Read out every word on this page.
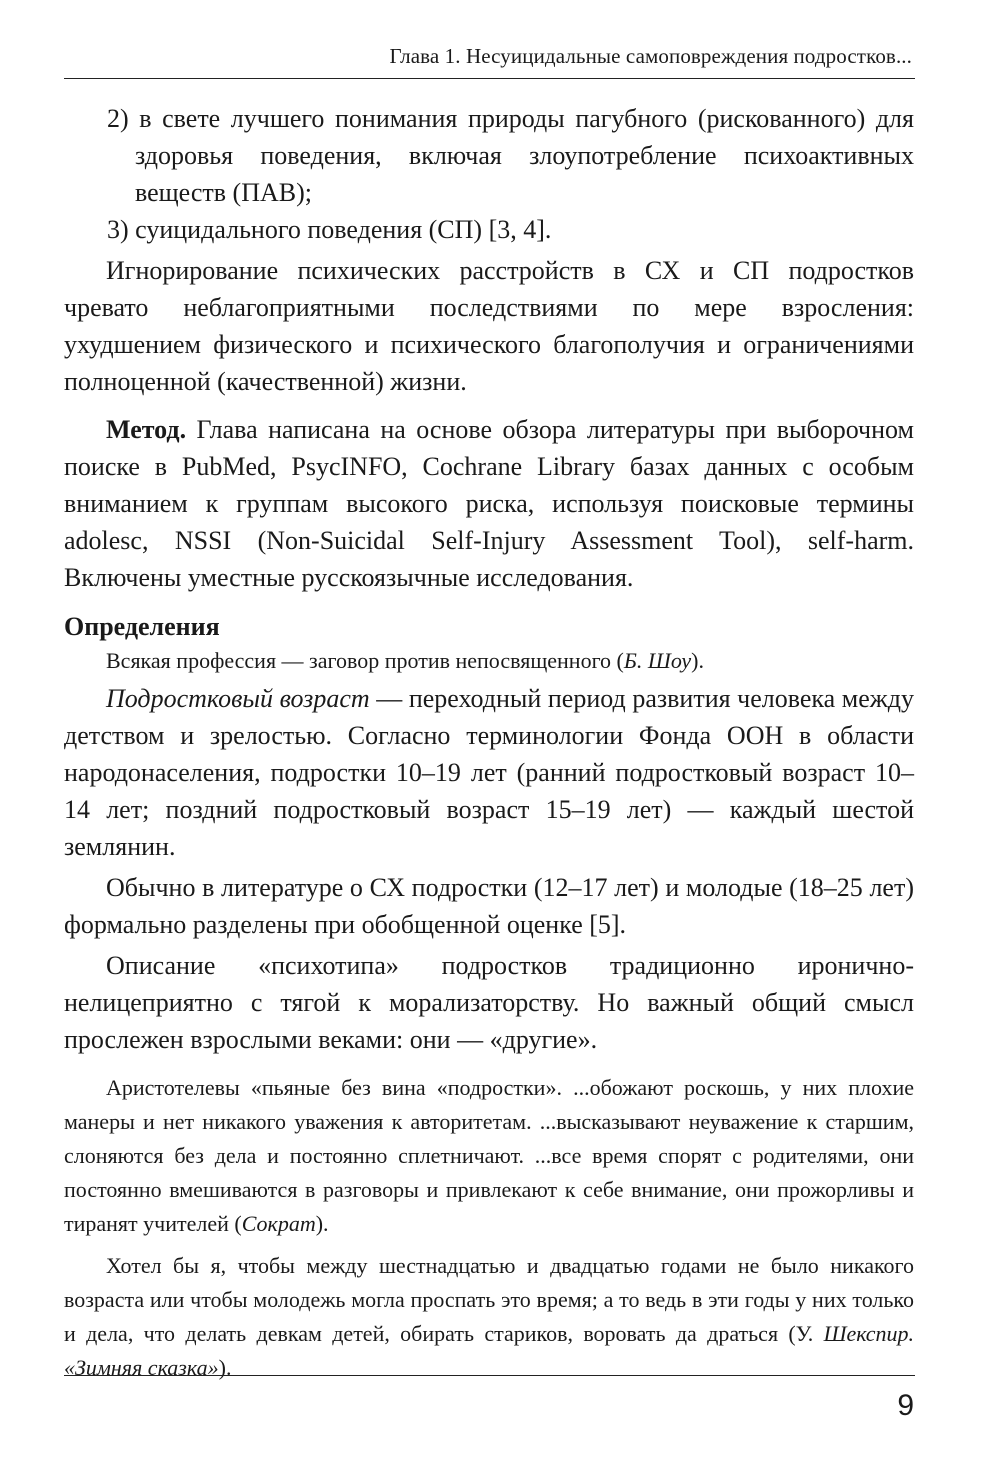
Глава 1. Несуицидальные самоповреждения подростков...

2) в свете лучшего понимания природы пагубного (рискованного) для здоровья поведения, включая злоупотребление психоактивных веществ (ПАВ);

3) суицидального поведения (СП) [3, 4].

Игнорирование психических расстройств в СХ и СП подростков чревато неблагоприятными последствиями по мере взросления: ухудшением физического и психического благополучия и ограничениями полноценной (качественной) жизни.

Метод. Глава написана на основе обзора литературы при выборочном поиске в PubMed, PsycINFO, Cochrane Library базах данных с особым вниманием к группам высокого риска, используя поисковые термины adolesc, NSSI (Non-Suicidal Self-Injury Assessment Tool), self-harm. Включены уместные русскоязычные исследования.

Определения

Всякая профессия — заговор против непосвященного (Б. Шоу).

Подростковый возраст — переходный период развития человека между детством и зрелостью. Согласно терминологии Фонда ООН в области народонаселения, подростки 10–19 лет (ранний подростковый возраст 10–14 лет; поздний подростковый возраст 15–19 лет) — каждый шестой землянин.

Обычно в литературе о СХ подростки (12–17 лет) и молодые (18–25 лет) формально разделены при обобщенной оценке [5].

Описание «психотипа» подростков традиционно иронично-нелицеприятно с тягой к морализаторству. Но важный общий смысл прослежен взрослыми веками: они — «другие».

Аристотелевы «пьяные без вина «подростки». ...обожают роскошь, у них плохие манеры и нет никакого уважения к авторитетам. ...высказывают неуважение к старшим, слоняются без дела и постоянно сплетничают. ...все время спорят с родителями, они постоянно вмешиваются в разговоры и привлекают к себе внимание, они прожорливы и тиранят учителей (Сократ).

Хотел бы я, чтобы между шестнадцатью и двадцатью годами не было никакого возраста или чтобы молодежь могла проспать это время; а то ведь в эти годы у них только и дела, что делать девкам детей, обирать стариков, воровать да драться (У. Шекспир. «Зимняя сказка»).

9
